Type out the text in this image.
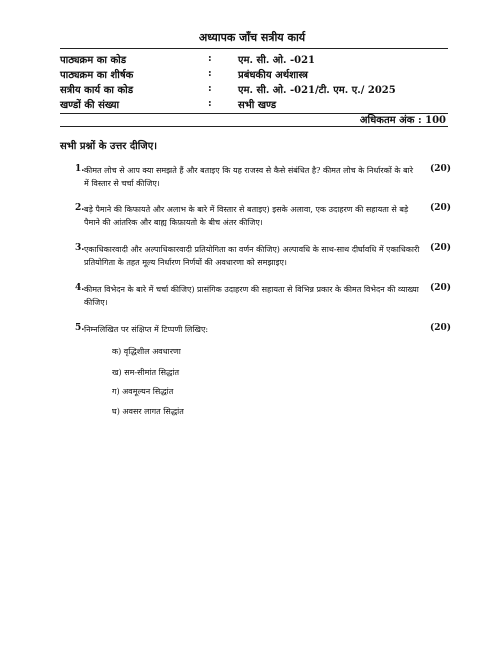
अध्यापक जाँच सत्रीय कार्य
पाठ्यक्रम का कोड	:	एम. सी. ओ. -021
पाठ्यक्रम का शीर्षक	:	प्रबंधकीय अर्थशास्त्र
सत्रीय कार्य का कोड	:	एम. सी. ओ. -021/टी. एम. ए./ 2025
खण्डों की संख्या	:	सभी खण्ड
अधिकतम अंक : 100
सभी प्रश्नों के उत्तर दीजिए।
1. कीमत लोच से आप क्या समझते हैं और बताइए कि यह राजस्व से कैसे संबंधित है? कीमत लोच के निर्धारकों के बारे में विस्तार से चर्चा कीजिए।
(20)
2. बड़े पैमाने की किफायते और अलाभ के बारे में विस्तार से बताइए) इसके अलावा, एक उदाहरण की सहायता से बड़े पैमाने की आंतरिक और बाह्य किफ़ायतो के बीच अंतर कीजिए।
(20)
3. एकाधिकारवादी और अल्पाधिकारवादी प्रतियोगिता का वर्णन कीजिए) अल्पावधि के साथ-साथ दीर्घावधि में एकाधिकारी प्रतियोगिता के तहत मूल्य निर्धारण निर्णयों की अवधारणा को समझाइए।
(20)
4. कीमत विभेदन के बारे में चर्चा कीजिए) प्रासंगिक उदाहरण की सहायता से विभिन्न प्रकार के कीमत विभेदन की व्याख्या कीजिए।
(20)
5. निम्नलिखित पर संक्षिप्त में टिप्पणी लिखिए:	(20)
क) वृद्धिशील अवधारणा
ख) सम-सीमांत सिद्धांत
ग) अवमूल्यन सिद्धांत
घ) अवसर लागत सिद्धांत
